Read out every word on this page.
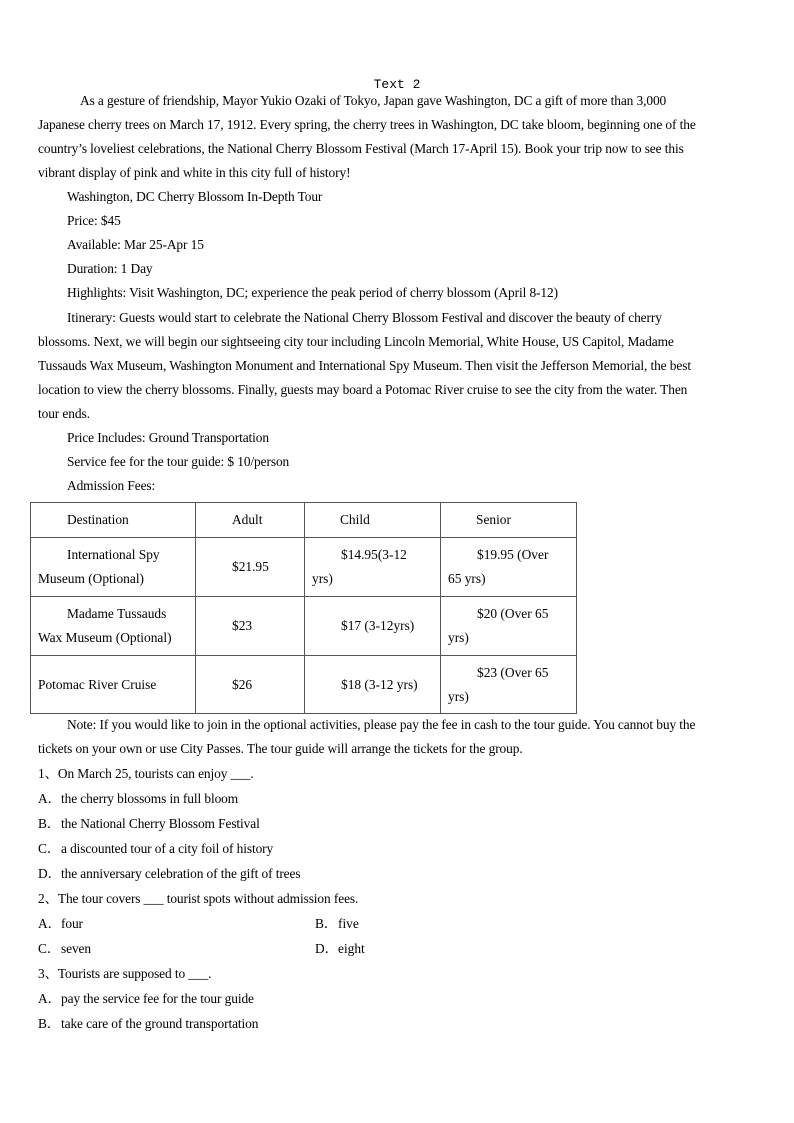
Text 2
As a gesture of friendship, Mayor Yukio Ozaki of Tokyo, Japan gave Washington, DC a gift of more than 3,000
Japanese cherry trees on March 17, 1912. Every spring, the cherry trees in Washington, DC take bloom, beginning one of the
country’s loveliest celebrations, the National Cherry Blossom Festival (March 17-April 15). Book your trip now to see this
vibrant display of pink and white in this city full of history!
Washington, DC Cherry Blossom In-Depth Tour
Price: $45
Available: Mar 25-Apr 15
Duration: 1 Day
Highlights: Visit Washington, DC; experience the peak period of cherry blossom (April 8-12)
Itinerary: Guests would start to celebrate the National Cherry Blossom Festival and discover the beauty of cherry
blossoms. Next, we will begin our sightseeing city tour including Lincoln Memorial, White House, US Capitol, Madame
Tussauds Wax Museum, Washington Monument and International Spy Museum. Then visit the Jefferson Memorial, the best
location to view the cherry blossoms. Finally, guests may board a Potomac River cruise to see the city from the water. Then
tour ends.
Price Includes: Ground Transportation
Service fee for the tour guide: $ 10/person
Admission Fees:
Destination	Adult	Child	Senior

International Spy
Museum (Optional)	$21.95	$14.95(3-12
yrs)	$19.95 (Over
65 yrs)

Madame Tussauds
Wax Museum (Optional)	$23	$17 (3-12yrs)	$20 (Over 65
yrs)

Potomac River Cruise	$26	$18 (3-12 yrs)	$23 (Over 65
yrs)
Note: If you would like to join in the optional activities, please pay the fee in cash to the tour guide. You cannot buy the
tickets on your own or use City Passes. The tour guide will arrange the tickets for the group.
1、On March 25, tourists can enjoy ___.
A．the cherry blossoms in full bloom
B．the National Cherry Blossom Festival
C．a discounted tour of a city foil of history
D．the anniversary celebration of the gift of trees
2、The tour covers ___ tourist spots without admission fees.
A．four	B．five
C．seven	D．eight
3、Tourists are supposed to ___.
A．pay the service fee for the tour guide
B．take care of the ground transportation
